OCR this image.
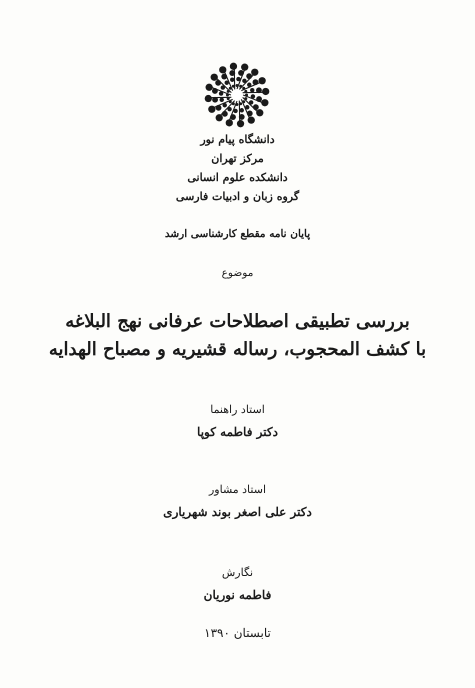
دانشگاه پیام نور
مرکز تهران
دانشکده علوم انسانی
گروه زبان و ادبیات فارسی
پایان نامه مقطع کارشناسی ارشد
موضوع
بررسی تطبیقی اصطلاحات عرفانی نهج البلاغه
با کشف المحجوب، رساله قشیریه و مصباح الهدایه
استاد راهنما
دکتر فاطمه کوپا
استاد مشاور
دکتر علی اصغر بوند شهریاری
نگارش
فاطمه نوریان
تابستان ۱۳۹۰
